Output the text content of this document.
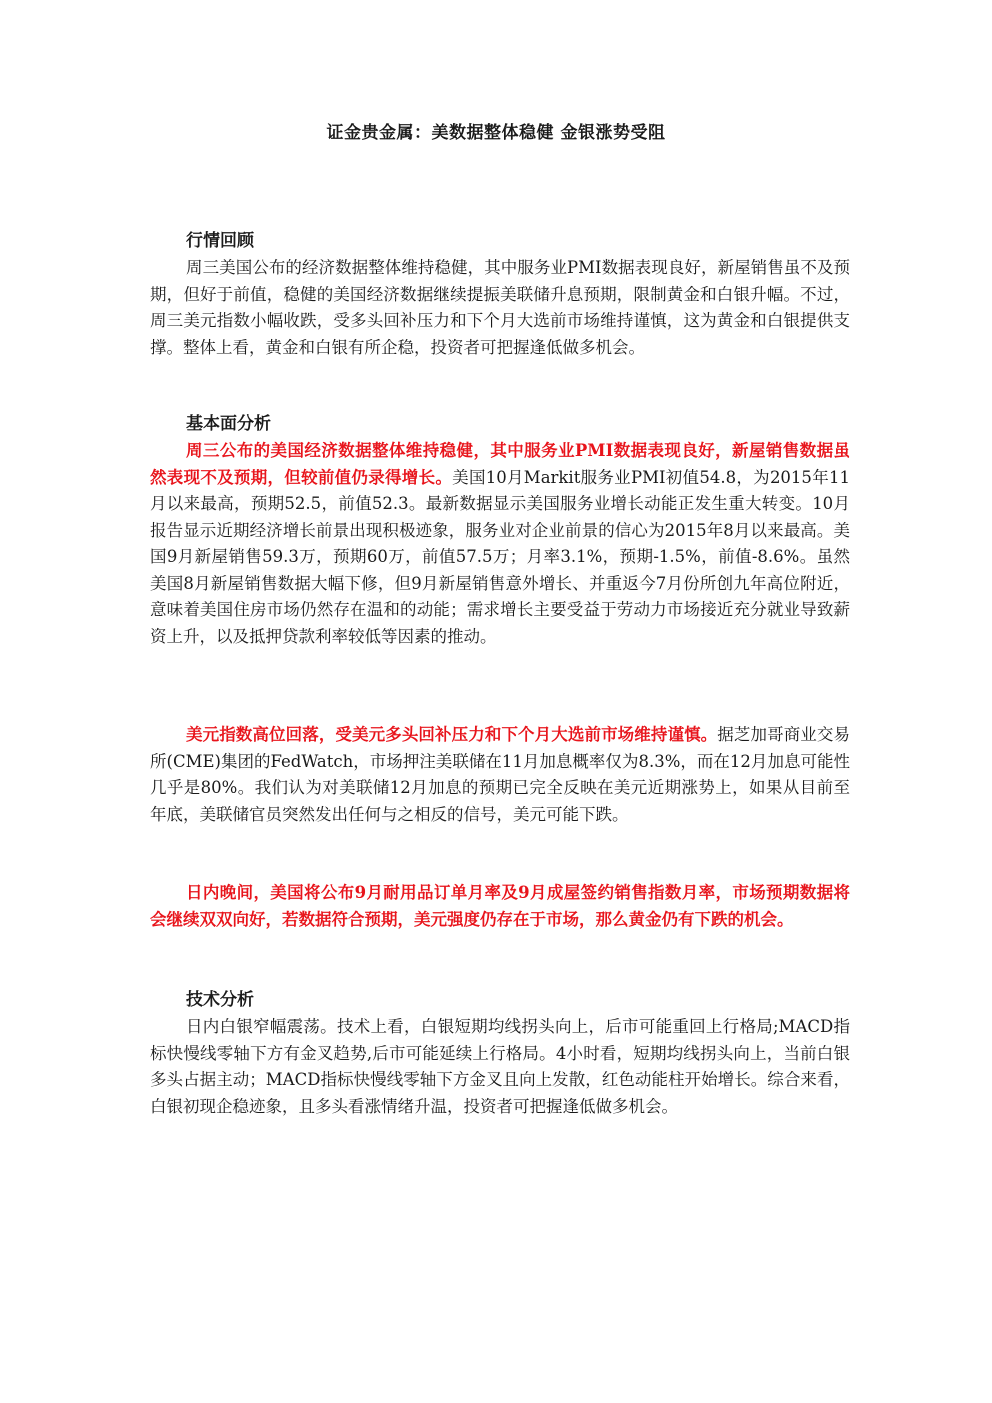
证金贵金属：美数据整体稳健 金银涨势受阻

行情回顾

周三美国公布的经济数据整体维持稳健，其中服务业PMI数据表现良好，新屋销售虽不及预期，但好于前值，稳健的美国经济数据继续提振美联储升息预期，限制黄金和白银升幅。不过，周三美元指数小幅收跌，受多头回补压力和下个月大选前市场维持谨慎，这为黄金和白银提供支撑。整体上看，黄金和白银有所企稳，投资者可把握逢低做多机会。

基本面分析

周三公布的美国经济数据整体维持稳健，其中服务业PMI数据表现良好，新屋销售数据虽然表现不及预期，但较前值仍录得增长。美国10月Markit服务业PMI初值54.8，为2015年11月以来最高，预期52.5，前值52.3。最新数据显示美国服务业增长动能正发生重大转变。10月报告显示近期经济增长前景出现积极迹象，服务业对企业前景的信心为2015年8月以来最高。美国9月新屋销售59.3万，预期60万，前值57.5万；月率3.1%，预期-1.5%，前值-8.6%。虽然美国8月新屋销售数据大幅下修，但9月新屋销售意外增长、并重返今7月份所创九年高位附近，意味着美国住房市场仍然存在温和的动能；需求增长主要受益于劳动力市场接近充分就业导致薪资上升，以及抵押贷款利率较低等因素的推动。

美元指数高位回落，受美元多头回补压力和下个月大选前市场维持谨慎。据芝加哥商业交易所(CME)集团的FedWatch，市场押注美联储在11月加息概率仅为8.3%，而在12月加息可能性几乎是80%。我们认为对美联储12月加息的预期已完全反映在美元近期涨势上，如果从目前至年底，美联储官员突然发出任何与之相反的信号，美元可能下跌。

日内晚间，美国将公布9月耐用品订单月率及9月成屋签约销售指数月率，市场预期数据将会继续双双向好，若数据符合预期，美元强度仍存在于市场，那么黄金仍有下跌的机会。

技术分析

日内白银窄幅震荡。技术上看，白银短期均线拐头向上，后市可能重回上行格局;MACD指标快慢线零轴下方有金叉趋势,后市可能延续上行格局。4小时看，短期均线拐头向上，当前白银多头占据主动；MACD指标快慢线零轴下方金叉且向上发散，红色动能柱开始增长。综合来看，白银初现企稳迹象，且多头看涨情绪升温，投资者可把握逢低做多机会。
